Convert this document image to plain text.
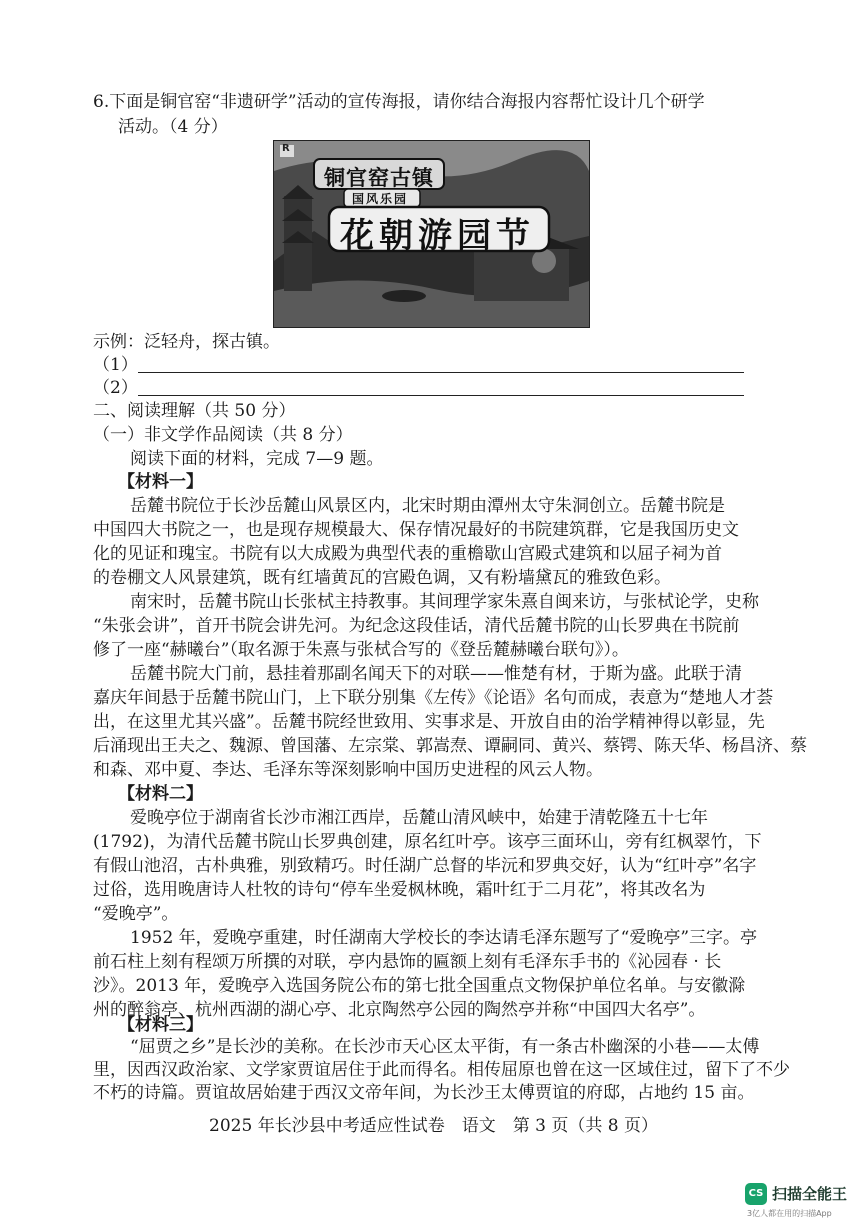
6.下面是铜官窑“非遗研学”活动的宣传海报，请你结合海报内容帮忙设计几个研学
活动。（4 分）
R
铜官窑古镇
国风乐园
花朝游园节
示例：泛轻舟，探古镇。
（1）
（2）
二、阅读理解（共 50 分）
（一）非文学作品阅读（共 8 分）
阅读下面的材料，完成 7—9 题。
【材料一】
岳麓书院位于长沙岳麓山风景区内，北宋时期由潭州太守朱洞创立。岳麓书院是
中国四大书院之一，也是现存规模最大、保存情况最好的书院建筑群，它是我国历史文
化的见证和瑰宝。书院有以大成殿为典型代表的重檐歇山宫殿式建筑和以屈子祠为首
的卷棚文人风景建筑，既有红墙黄瓦的宫殿色调，又有粉墙黛瓦的雅致色彩。
南宋时，岳麓书院山长张栻主持教事。其间理学家朱熹自闽来访，与张栻论学，史称
“朱张会讲”，首开书院会讲先河。为纪念这段佳话，清代岳麓书院的山长罗典在书院前
修了一座“赫曦台”（取名源于朱熹与张栻合写的《登岳麓赫曦台联句》）。
岳麓书院大门前，悬挂着那副名闻天下的对联——惟楚有材，于斯为盛。此联于清
嘉庆年间悬于岳麓书院山门，上下联分别集《左传》《论语》名句而成，表意为“楚地人才荟
出，在这里尤其兴盛”。岳麓书院经世致用、实事求是、开放自由的治学精神得以彰显，先
后涌现出王夫之、魏源、曾国藩、左宗棠、郭嵩焘、谭嗣同、黄兴、蔡锷、陈天华、杨昌济、蔡
和森、邓中夏、李达、毛泽东等深刻影响中国历史进程的风云人物。
【材料二】
爱晚亭位于湖南省长沙市湘江西岸，岳麓山清风峡中，始建于清乾隆五十七年
(1792)，为清代岳麓书院山长罗典创建，原名红叶亭。该亭三面环山，旁有红枫翠竹，下
有假山池沼，古朴典雅，别致精巧。时任湖广总督的毕沅和罗典交好，认为“红叶亭”名字
过俗，选用晚唐诗人杜牧的诗句“停车坐爱枫林晚，霜叶红于二月花”，将其改名为
“爱晚亭”。
1952 年，爱晚亭重建，时任湖南大学校长的李达请毛泽东题写了“爱晚亭”三字。亭
前石柱上刻有程颂万所撰的对联，亭内悬饰的匾额上刻有毛泽东手书的《沁园春 · 长
沙》。2013 年，爱晚亭入选国务院公布的第七批全国重点文物保护单位名单。与安徽滁
州的醉翁亭、杭州西湖的湖心亭、北京陶然亭公园的陶然亭并称“中国四大名亭”。
【材料三】
“屈贾之乡”是长沙的美称。在长沙市天心区太平街，有一条古朴幽深的小巷——太傅
里，因西汉政治家、文学家贾谊居住于此而得名。相传屈原也曾在这一区域住过，留下了不少
不朽的诗篇。贾谊故居始建于西汉文帝年间，为长沙王太傅贾谊的府邸，占地约 15 亩。
2025 年长沙县中考适应性试卷　语文　第 3 页（共 8 页）
CS 扫描全能王
3亿人都在用的扫描App
